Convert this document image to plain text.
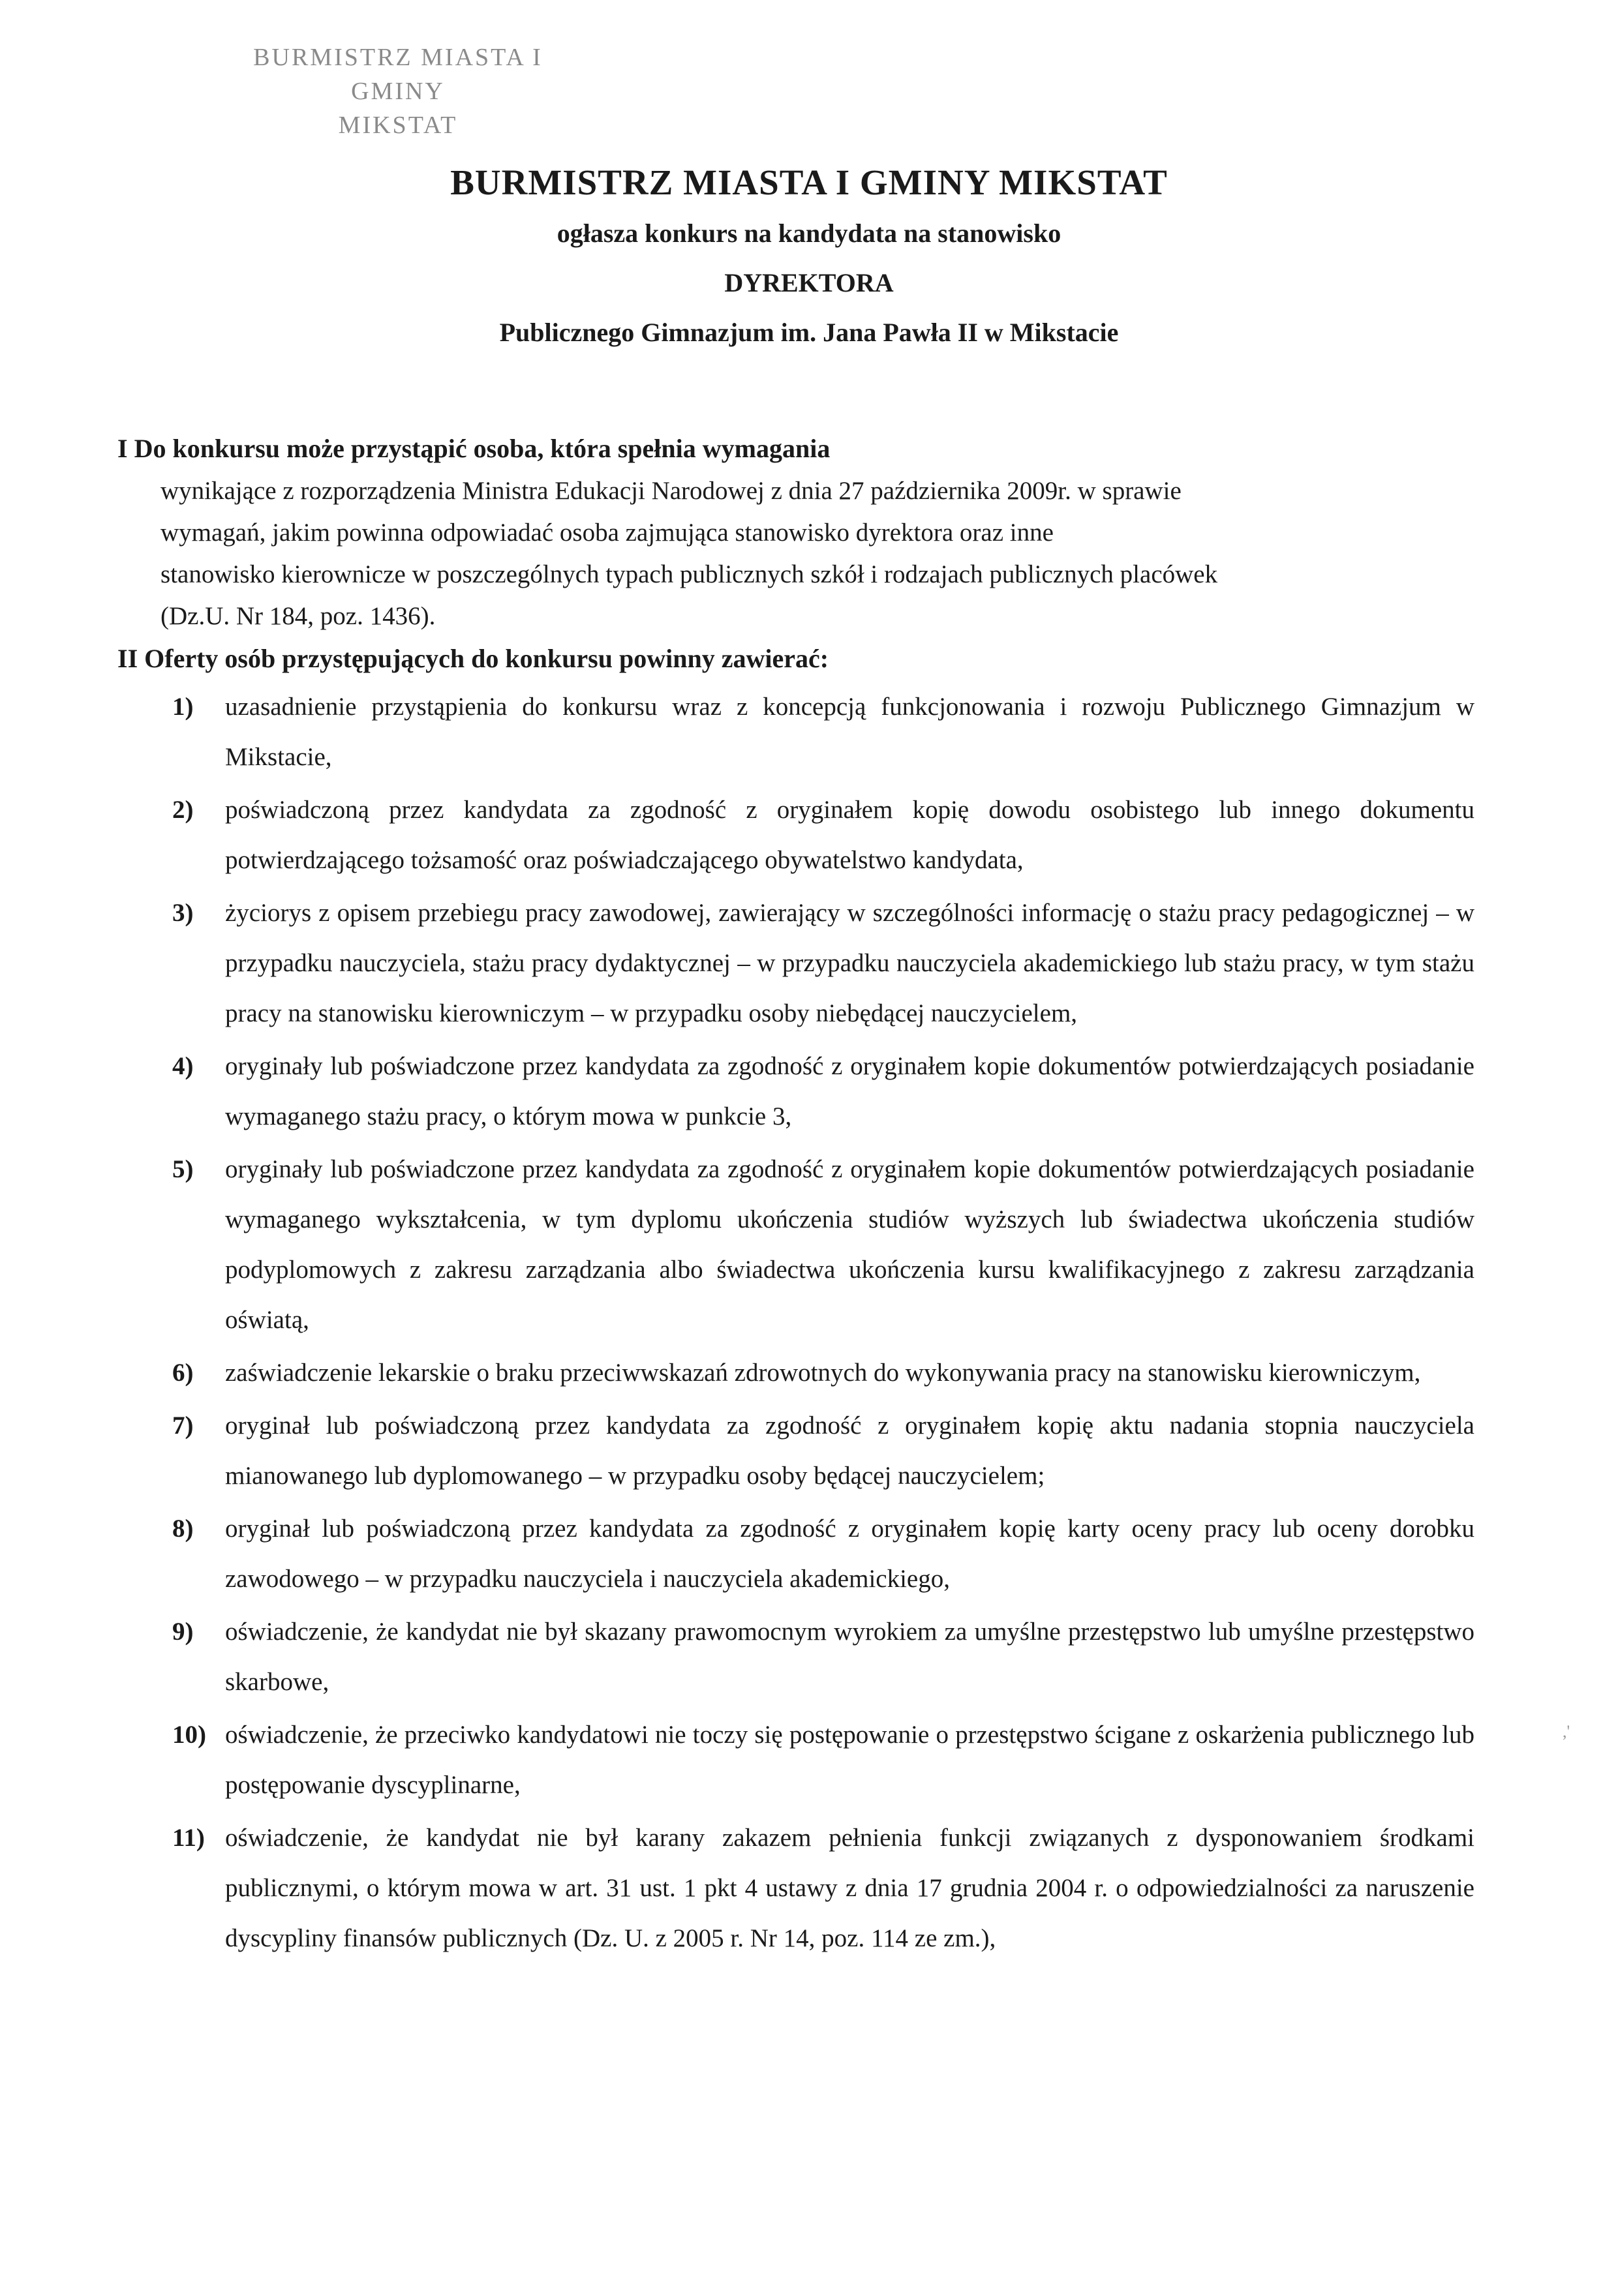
BURMISTRZ MIASTA I GMINY
MIKSTAT
BURMISTRZ MIASTA I GMINY MIKSTAT
ogłasza konkurs na kandydata na stanowisko
DYREKTORA
Publicznego Gimnazjum im. Jana Pawła II w Mikstacie
I Do konkursu może przystąpić osoba, która spełnia wymagania
wynikające z rozporządzenia Ministra Edukacji Narodowej z dnia 27 października 2009r. w sprawie
wymagań, jakim powinna odpowiadać osoba zajmująca stanowisko dyrektora oraz inne
stanowisko kierownicze w poszczególnych typach publicznych szkół i rodzajach publicznych placówek
(Dz.U. Nr 184, poz. 1436).
II Oferty osób przystępujących do konkursu powinny zawierać:
1) uzasadnienie przystąpienia do konkursu wraz z koncepcją funkcjonowania i rozwoju Publicznego Gimnazjum w Mikstacie,
2) poświadczoną przez kandydata za zgodność z oryginałem kopię dowodu osobistego lub innego dokumentu potwierdzającego tożsamość oraz poświadczającego obywatelstwo kandydata,
3) życiorys z opisem przebiegu pracy zawodowej, zawierający w szczególności informację o stażu pracy pedagogicznej – w przypadku nauczyciela, stażu pracy dydaktycznej – w przypadku nauczyciela akademickiego lub stażu pracy, w tym stażu pracy na stanowisku kierowniczym – w przypadku osoby niebędącej nauczycielem,
4) oryginały lub poświadczone przez kandydata za zgodność z oryginałem kopie dokumentów potwierdzających posiadanie wymaganego stażu pracy, o którym mowa w punkcie 3,
5) oryginały lub poświadczone przez kandydata za zgodność z oryginałem kopie dokumentów potwierdzających posiadanie wymaganego wykształcenia, w tym dyplomu ukończenia studiów wyższych lub świadectwa ukończenia studiów podyplomowych z zakresu zarządzania albo świadectwa ukończenia kursu kwalifikacyjnego z zakresu zarządzania oświatą,
6) zaświadczenie lekarskie o braku przeciwwskazań zdrowotnych do wykonywania pracy na stanowisku kierowniczym,
7) oryginał lub poświadczoną przez kandydata za zgodność z oryginałem kopię aktu nadania stopnia nauczyciela mianowanego lub dyplomowanego – w przypadku osoby będącej nauczycielem;
8) oryginał lub poświadczoną przez kandydata za zgodność z oryginałem kopię karty oceny pracy lub oceny dorobku zawodowego – w przypadku nauczyciela i nauczyciela akademickiego,
9) oświadczenie, że kandydat nie był skazany prawomocnym wyrokiem za umyślne przestępstwo lub umyślne przestępstwo skarbowe,
10) oświadczenie, że przeciwko kandydatowi nie toczy się postępowanie o przestępstwo ścigane z oskarżenia publicznego lub postępowanie dyscyplinarne,
11) oświadczenie, że kandydat nie był karany zakazem pełnienia funkcji związanych z dysponowaniem środkami publicznymi, o którym mowa w art. 31 ust. 1 pkt 4 ustawy z dnia 17 grudnia 2004 r. o odpowiedzialności za naruszenie dyscypliny finansów publicznych (Dz. U. z 2005 r. Nr 14, poz. 114 ze zm.),
,'
